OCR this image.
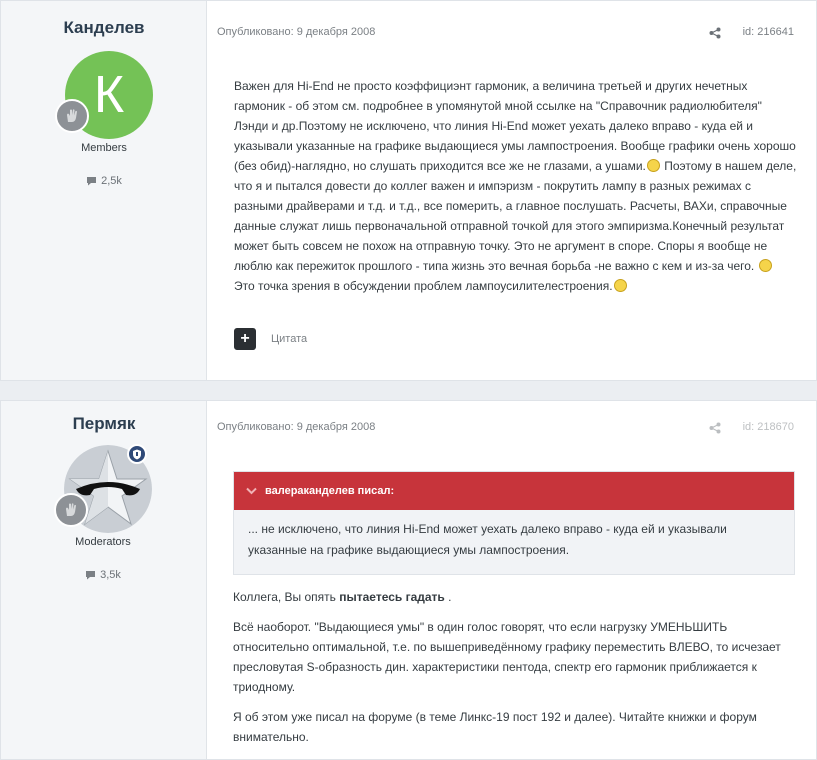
Канделев
К
Members
2,5k
Опубликовано: 9 декабря 2008	id: 216641

Важен для Hi-End не просто коэффициэнт гармоник, а величина третьей и других нечетных гармоник - об этом см. подробнее в упомянутой мной ссылке на "Справочник радиолюбителя" Лэнди и др.Поэтому не исключено, что линия Hi-End может уехать далеко вправо - куда ей и указывали указанные на графике выдающиеся умы лампостроения. Вообще графики очень хорошо (без обид)-наглядно, но слушать приходится все же не глазами, а ушами. Поэтому в нашем деле, что я и пытался довести до коллег важен и импэризм - покрутить лампу в разных режимах с разными драйверами и т.д. и т.д., все померить, а главное послушать. Расчеты, ВАХи, справочные данные служат лишь первоначальной отправной точкой для этого эмпиризма.Конечный результат может быть совсем не похож на отправную точку. Это не аргумент в споре. Споры я вообще не люблю как пережиток прошлого - типа жизнь это вечная борьба -не важно с кем и из-за чего.
Это точка зрения в обсуждении проблем лампоусилителестроения.

+	Цитата
Пермяк	Опубликовано: 9 декабря 2008	id: 218670
Moderators
3,5k
валераканделев писал:
... не исключено, что линия Hi-End может уехать далеко вправо - куда ей и указывали указанные на графике выдающиеся умы лампостроения.

Коллега, Вы опять пытаетесь гадать .

Всё наоборот. "Выдающиеся умы" в один голос говорят, что если нагрузку УМЕНЬШИТЬ относительно оптимальной, т.е. по вышеприведённому графику переместить ВЛЕВО, то исчезает пресловутая S-образность дин. характеристики пентода, спектр его гармоник приближается к триодному.

Я об этом уже писал на форуме (в теме Линкс-19 пост 192 и далее). Читайте книжки и форум внимательно.
